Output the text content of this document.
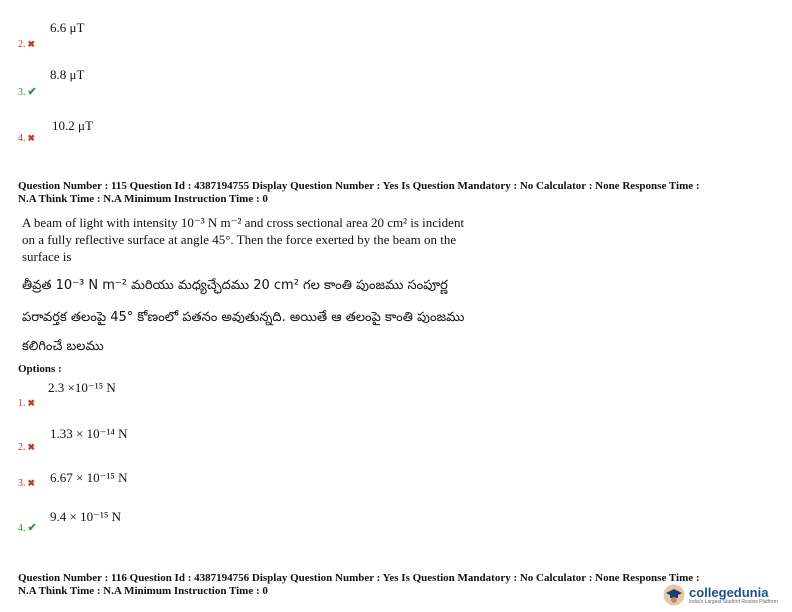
6.6 μT
2. ✖
8.8 μT
3. ✔
10.2 μT
4. ✖
Question Number : 115 Question Id : 4387194755 Display Question Number : Yes Is Question Mandatory : No Calculator : None Response Time :
N.A Think Time : N.A Minimum Instruction Time : 0
A beam of light with intensity 10⁻³ N m⁻² and cross sectional area 20 cm² is incident
on a fully reflective surface at angle 45°. Then the force exerted by the beam on the
surface is
తీవ్రత 10⁻³ N m⁻² మరియు మధ్యచ్ఛేదము 20 cm² గల కాంతి పుంజము సంపూర్ణ
పరావర్తక తలంపై 45° కోణంలో పతనం అవుతున్నది. అయితే ఆ తలంపై కాంతి పుంజము
కలిగించే బలము
Options :
2.3 ×10⁻¹⁵ N
1. ✖
1.33 × 10⁻¹⁴ N
2. ✖
3. ✖ 6.67 × 10⁻¹⁵ N
9.4 × 10⁻¹⁵ N
4. ✔
Question Number : 116 Question Id : 4387194756 Display Question Number : Yes Is Question Mandatory : No Calculator : None Response Time :
N.A Think Time : N.A Minimum Instruction Time : 0	collegedunia
India's Largest Student Review Platform
